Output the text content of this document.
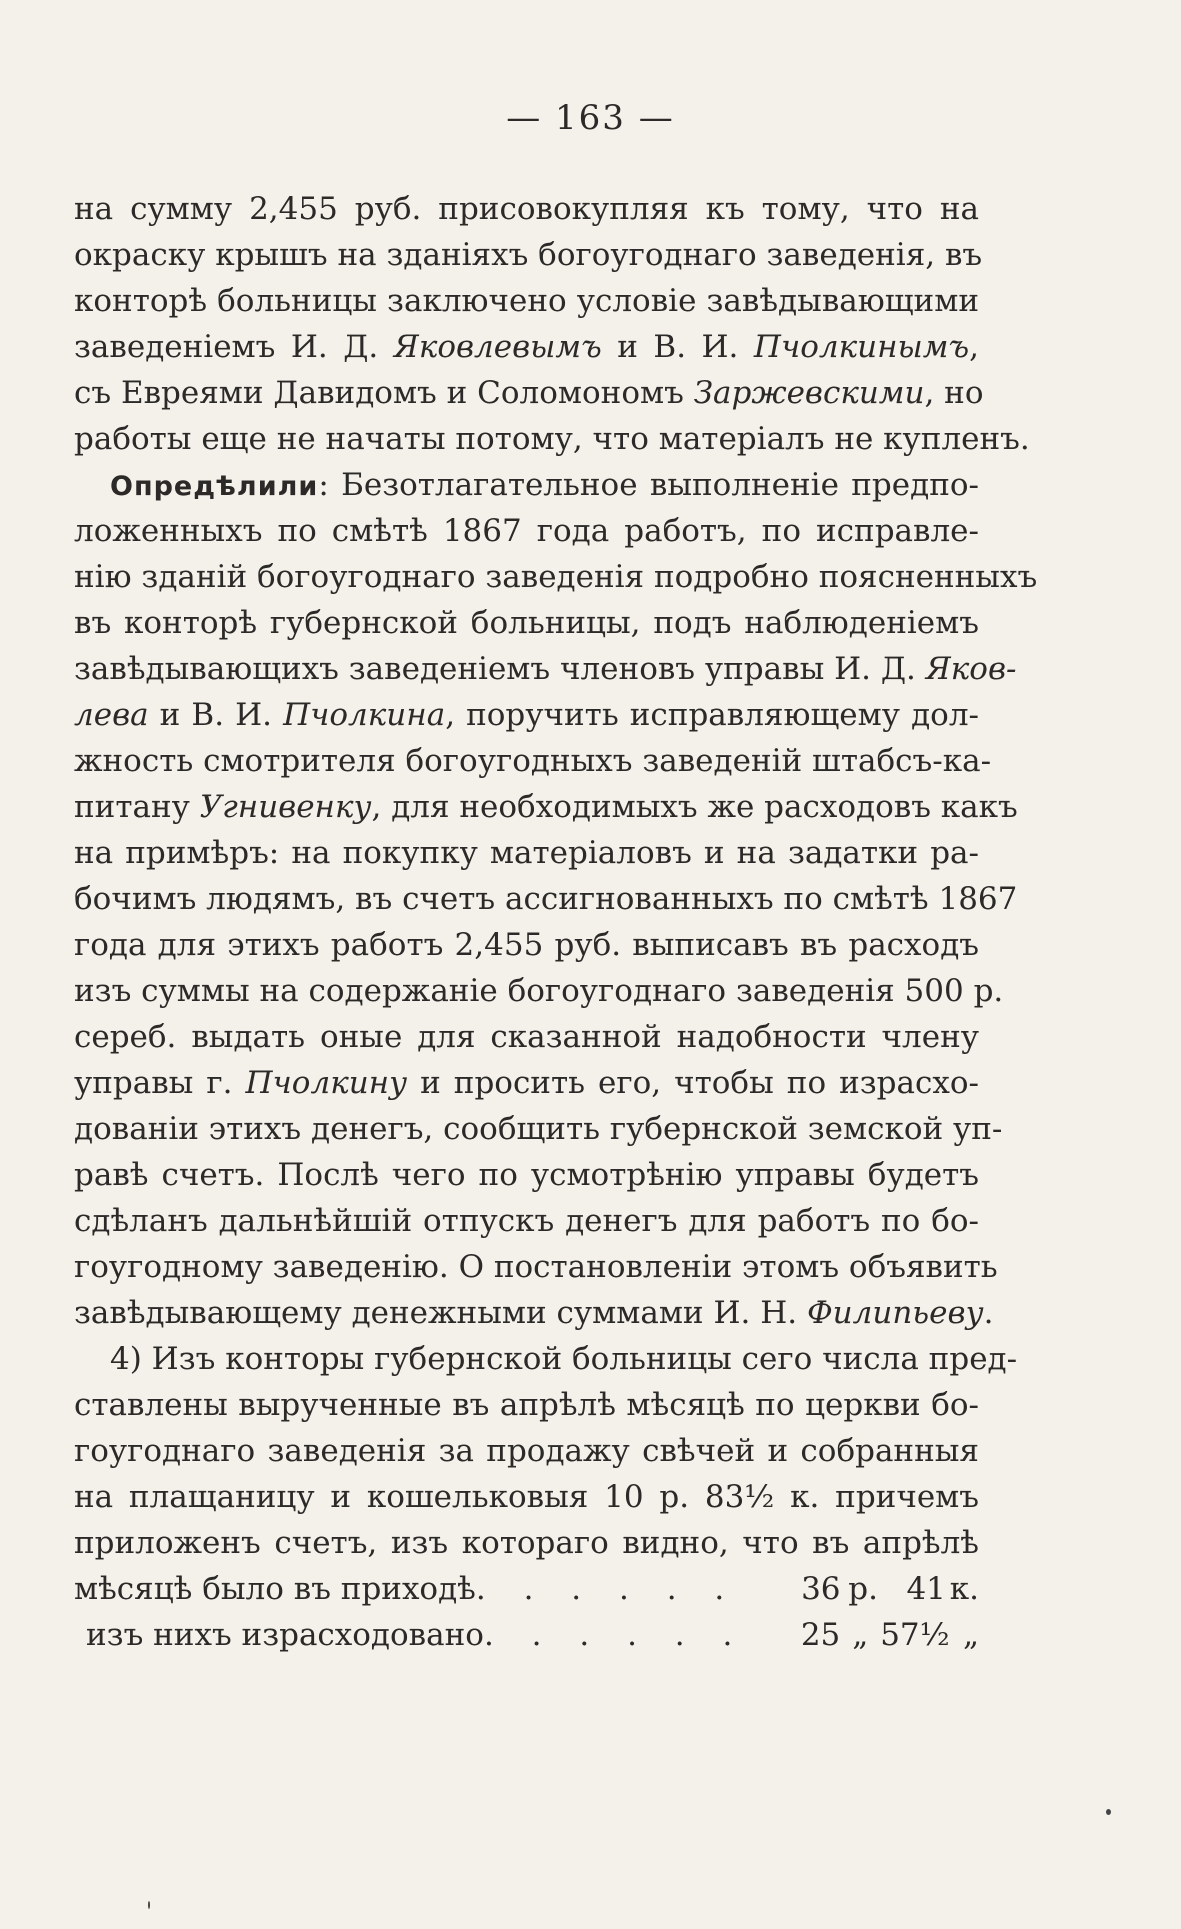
— 163 —
на сумму 2,455 руб. присовокупляя къ тому, что на
окраску крышъ на зданiяхъ богоугоднаго заведенiя, въ
конторѣ больницы заключено условiе завѣдывающими
заведенiемъ И. Д. Яковлевымъ и В. И. Пчолкинымъ,
съ Евреями Давидомъ и Соломономъ Заржевскими, но
работы еще не начаты потому, что матерiалъ не купленъ.
Опредѣлили: Безотлагательное выполненiе предпо-
ложенныхъ по смѣтѣ 1867 года работъ, по исправле-
нiю зданiй богоугоднаго заведенiя подробно поясненныхъ
въ конторѣ губернской больницы, подъ наблюденiемъ
завѣдывающихъ заведенiемъ членовъ управы И. Д. Яков-
лева и В. И. Пчолкина, поручить исправляющему дол-
жность смотрителя богоугодныхъ заведенiй штабсъ-ка-
питану Угнивенку, для необходимыхъ же расходовъ какъ
на примѣръ: на покупку матерiаловъ и на задатки ра-
бочимъ людямъ, въ счетъ ассигнованныхъ по смѣтѣ 1867
года для этихъ работъ 2,455 руб. выписавъ въ расходъ
изъ суммы на содержанiе богоугоднаго заведенiя 500 р.
сереб. выдать оные для сказанной надобности члену
управы г. Пчолкину и просить его, чтобы по израсхо-
дованiи этихъ денегъ, сообщить губернской земской уп-
равѣ счетъ. Послѣ чего по усмотрѣнiю управы будетъ
сдѣланъ дальнѣйшiй отпускъ денегъ для работъ по бо-
гоугодному заведенiю. О постановленiи этомъ объявить
завѣдывающему денежными суммами И. Н. Филипьеву.
4) Изъ конторы губернской больницы сего числа пред-
ставлены вырученные въ апрѣлѣ мѣсяцѣ по церкви бо-
гоугоднаго заведенiя за продажу свѣчей и собранныя
на плащаницу и кошельковыя 10 р. 83½ к. причемъ
приложенъ счетъ, изъ котораго видно, что въ апрѣлѣ
мѣсяцѣ было въ приходѣ . . . . . .	36 р. 41 к.
изъ нихъ израсходовано . . . . . .	25 „ 57½ „
